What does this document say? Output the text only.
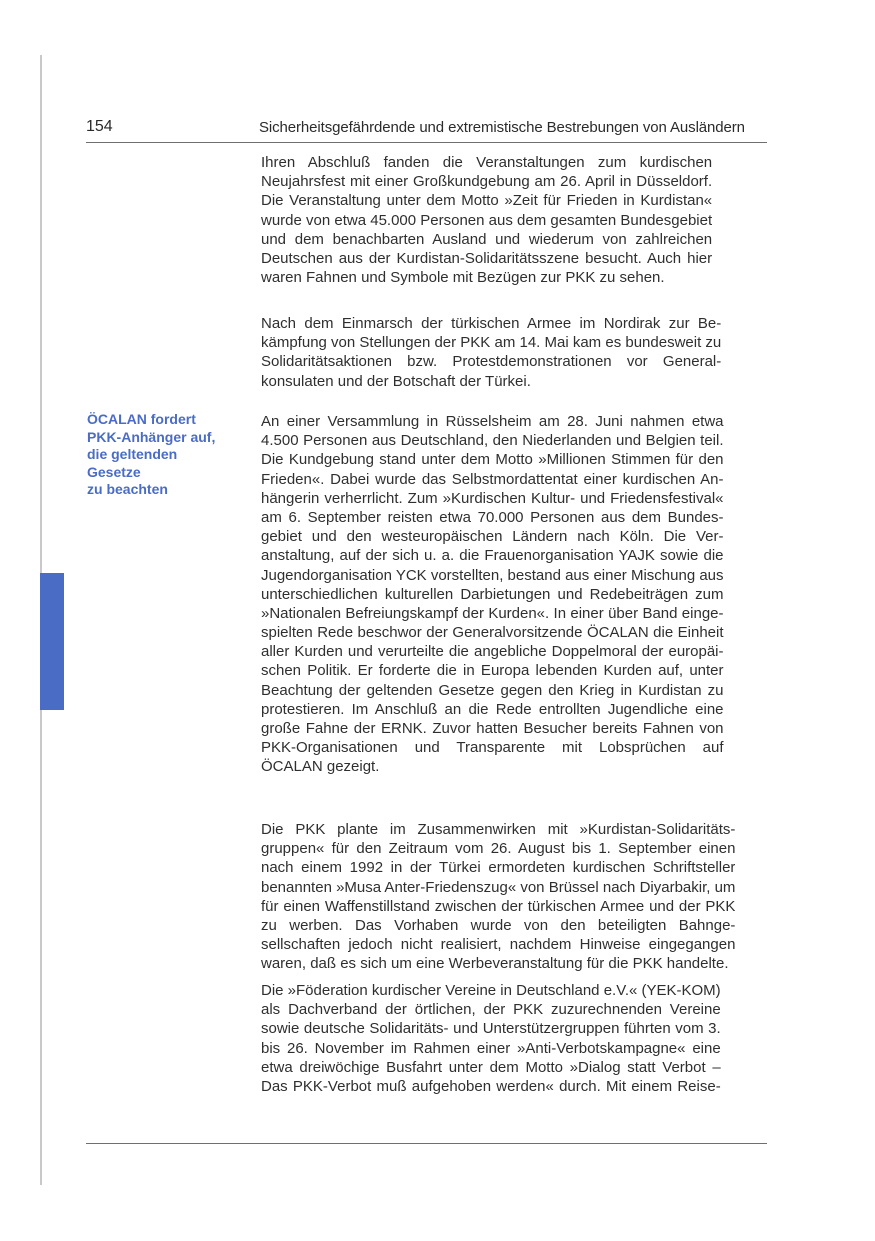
154	Sicherheitsgefährdende und extremistische Bestrebungen von Ausländern
ÖCALAN fordert
PKK-Anhänger auf,
die geltenden
Gesetze
zu beachten

Ihren Abschluß fanden die Veranstaltungen zum kurdischen
Neujahrsfest mit einer Großkundgebung am 26. April in Düsseldorf.
Die Veranstaltung unter dem Motto »Zeit für Frieden in Kurdistan«
wurde von etwa 45.000 Personen aus dem gesamten Bundesgebiet
und dem benachbarten Ausland und wiederum von zahlreichen
Deutschen aus der Kurdistan-Solidaritätsszene besucht. Auch hier
waren Fahnen und Symbole mit Bezügen zur PKK zu sehen.

Nach dem Einmarsch der türkischen Armee im Nordirak zur Be-
kämpfung von Stellungen der PKK am 14. Mai kam es bundesweit zu
Solidaritätsaktionen bzw. Protestdemonstrationen vor General-
konsulaten und der Botschaft der Türkei.

An einer Versammlung in Rüsselsheim am 28. Juni nahmen etwa
4.500 Personen aus Deutschland, den Niederlanden und Belgien teil.
Die Kundgebung stand unter dem Motto »Millionen Stimmen für den
Frieden«. Dabei wurde das Selbstmordattentat einer kurdischen An-
hängerin verherrlicht. Zum »Kurdischen Kultur- und Friedensfestival«
am 6. September reisten etwa 70.000 Personen aus dem Bundes-
gebiet und den westeuropäischen Ländern nach Köln. Die Ver-
anstaltung, auf der sich u. a. die Frauenorganisation YAJK sowie die
Jugendorganisation YCK vorstellten, bestand aus einer Mischung aus
unterschiedlichen kulturellen Darbietungen und Redebeiträgen zum
»Nationalen Befreiungskampf der Kurden«. In einer über Band einge-
spielten Rede beschwor der Generalvorsitzende ÖCALAN die Einheit
aller Kurden und verurteilte die angebliche Doppelmoral der europäi-
schen Politik. Er forderte die in Europa lebenden Kurden auf, unter
Beachtung der geltenden Gesetze gegen den Krieg in Kurdistan zu
protestieren. Im Anschluß an die Rede entrollten Jugendliche eine
große Fahne der ERNK. Zuvor hatten Besucher bereits Fahnen von
PKK-Organisationen und Transparente mit Lobsprüchen auf
ÖCALAN gezeigt.

Die PKK plante im Zusammenwirken mit »Kurdistan-Solidaritäts-
gruppen« für den Zeitraum vom 26. August bis 1. September einen
nach einem 1992 in der Türkei ermordeten kurdischen Schriftsteller
benannten »Musa Anter-Friedenszug« von Brüssel nach Diyarbakir, um
für einen Waffenstillstand zwischen der türkischen Armee und der PKK
zu werben. Das Vorhaben wurde von den beteiligten Bahnge-
sellschaften jedoch nicht realisiert, nachdem Hinweise eingegangen
waren, daß es sich um eine Werbeveranstaltung für die PKK handelte.

Die »Föderation kurdischer Vereine in Deutschland e.V.« (YEK-KOM)
als Dachverband der örtlichen, der PKK zuzurechnenden Vereine
sowie deutsche Solidaritäts- und Unterstützergruppen führten vom 3.
bis 26. November im Rahmen einer »Anti-Verbotskampagne« eine
etwa dreiwöchige Busfahrt unter dem Motto »Dialog statt Verbot –
Das PKK-Verbot muß aufgehoben werden« durch. Mit einem Reise-
